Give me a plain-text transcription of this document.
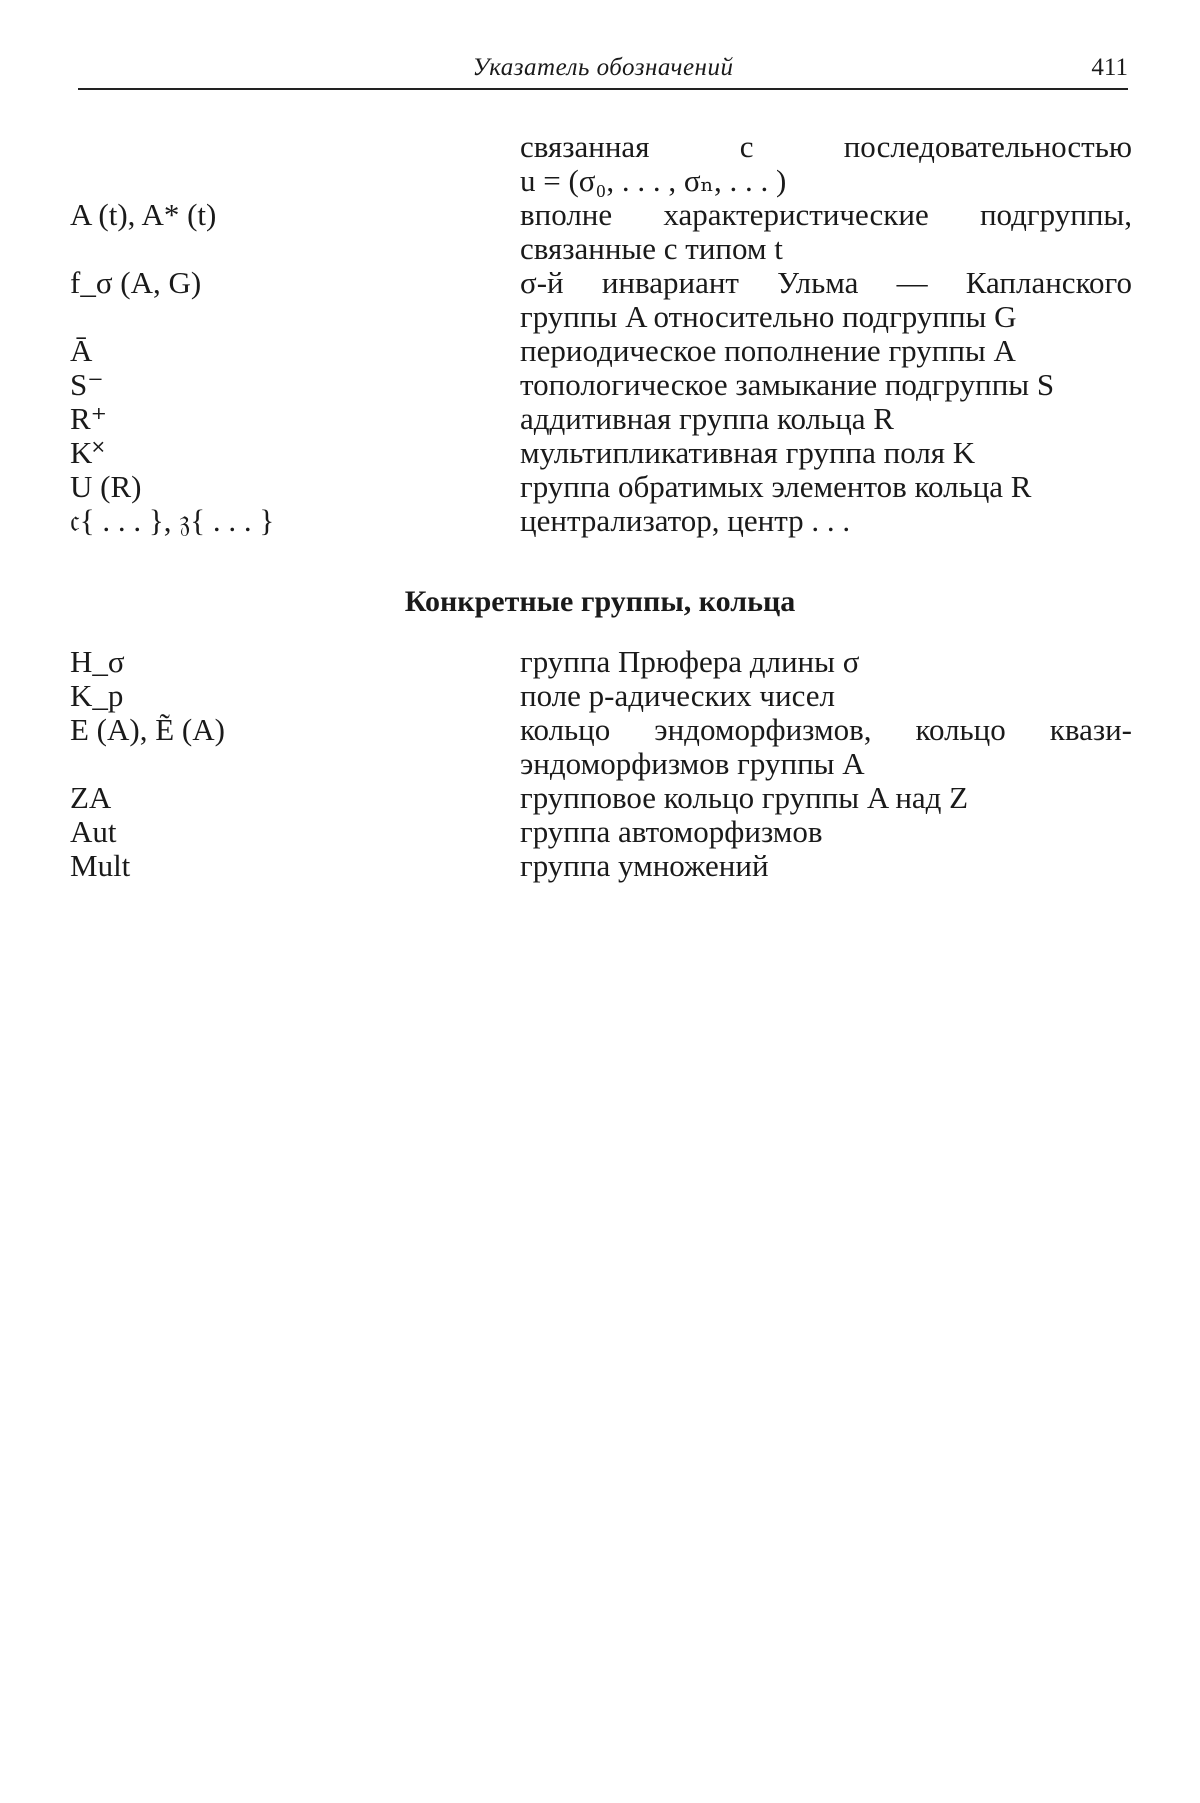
Указатель обозначений	411
связанная с последовательностью
u = (σ₀, . . . , σₙ, . . . )
A (t), A* (t)	вполне характеристические подгруппы,
связанные с типом t
f_σ (A, G)	σ-й инвариант Ульма — Капланского
группы A относительно подгруппы G
Ā	периодическое пополнение группы A
S⁻	топологическое замыкание подгруппы S
R⁺	аддитивная группа кольца R
K˟	мультипликативная группа поля K
U (R)	группа обратимых элементов кольца R
𝔠{ . . . }, 𝔷{ . . . }	централизатор, центр . . .
Конкретные группы, кольца
H_σ	группа Прюфера длины σ
K_p	поле p-адических чисел
E (A), Ẽ (A)	кольцо эндоморфизмов, кольцо квази-
эндоморфизмов группы A
ZA	групповое кольцо группы A над Z
Aut	группа автоморфизмов
Mult	группа умножений
